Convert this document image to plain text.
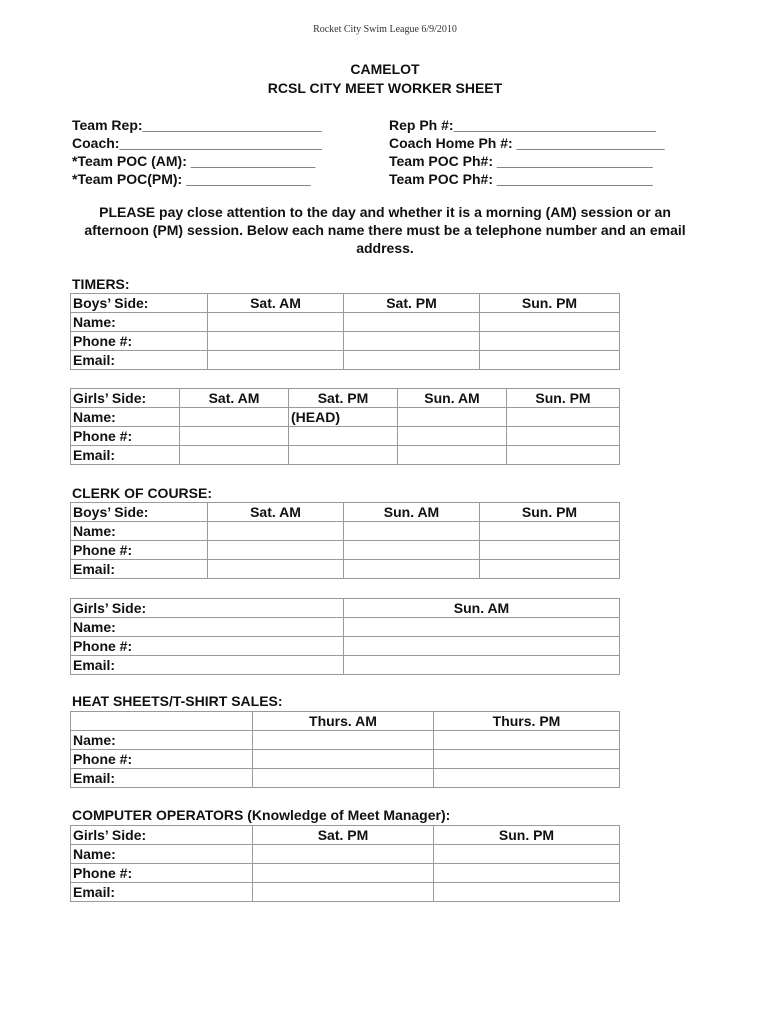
Rocket City Swim League 6/9/2010
CAMELOT
RCSL CITY MEET WORKER SHEET
Team Rep:_______________________
Coach:__________________________
*Team POC (AM): ________________
*Team POC(PM): ________________
Rep Ph #:__________________________
Coach Home Ph #: ___________________
Team POC Ph#: ____________________
Team POC Ph#: ____________________
PLEASE pay close attention to the day and whether it is a morning (AM) session or an afternoon (PM) session. Below each name there must be a telephone number and an email address.
TIMERS:
Boys’ Side:	Sat. AM	Sat. PM	Sun. PM
Name:			
Phone #:			
Email:			
Girls’ Side:	Sat. AM	Sat. PM	Sun. AM	Sun. PM
Name:		(HEAD)		
Phone #:				
Email:				
CLERK OF COURSE:
Boys’ Side:	Sat. AM	Sun. AM	Sun. PM
Name:			
Phone #:			
Email:			
Girls’ Side:	Sun. AM
Name:	
Phone #:	
Email:	
HEAT SHEETS/T-SHIRT SALES:
	Thurs. AM	Thurs. PM
Name:		
Phone #:		
Email:		
COMPUTER OPERATORS (Knowledge of Meet Manager):
Girls’ Side:	Sat. PM	Sun. PM
Name:		
Phone #:		
Email:		
